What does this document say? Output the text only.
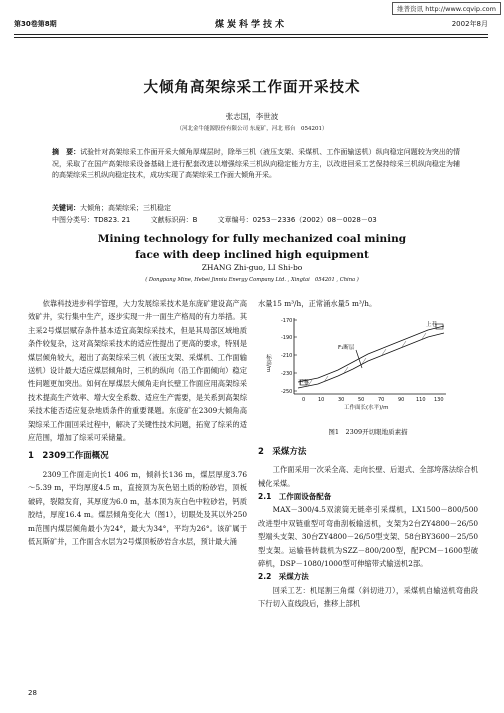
维普资讯 http://www.cqvip.com
第30卷第8期	煤炭科学技术	2002年8月
大倾角高架综采工作面开采技术
张志国，李世波
（河北金牛能源股份有限公司 东庞矿，河北 邢台　054201）
摘　要：试验针对高架综采工作面开采大倾角厚煤层时，除举三机（液压支架、采煤机、工作面输送机）纵向稳定问题较为突出的情况，采取了在国产高架综采设备基础上进行配套改进以增强综采三机纵向稳定能力方主，以改进回采工艺保持综采三机纵向稳定为辅的高架综采三机纵向稳定技术，成功实现了高架综采工作面大倾角开采。
关键词：大倾角；高架综采；三机稳定
中图分类号：TD823. 21	文献标识码：B	文章编号：0253－2336（2002）08－0028－03
Mining technology for fully mechanized coal mining
face with deep inclined high equipment
ZHANG Zhi-guo, LI Shi-bo
( Dongpang Mine, Hebei Jinniu Energy Company Ltd. , Xingtai　054201 , China )

依靠科技进步科学管理，大力发展综采技术是东庞矿建设高产高效矿井，实行集中生产，逐步实现一井一面生产格局的有力举措。其主采2号煤层赋存条件基本适宜高架综采技术，但是其局部区域地质条件较复杂，这对高架综采技术的适应性提出了更高的要求，特别是煤层倾角较大，超出了高架综采三机（液压支架、采煤机、工作面输送机）设计最大适应煤层倾角时，三机的纵向（沿工作面倾向）稳定性问题更加突出。如何在厚煤层大倾角走向长壁工作面应用高架综采技术提高生产效率、增大安全系数、适应生产需要，是关系到高架综采技术能否适应复杂地质条件的重要课题。东庞矿在2309大倾角高架综采工作面回采过程中，解决了关键性技术问题，拓宽了综采的适应范围，增加了综采可采储量。

1　2309工作面概况

2309工作面走向长1 406 m，倾斜长136 m，煤层厚度3.76～5.39 m，平均厚度4.5 m，直接顶为灰色铝土质的粉砂岩，顶板破碎，裂隙发育，其厚度为6.0 m，基本顶为灰白色中粒砂岩，钙质胶结，厚度16.4 m。煤层倾角变化大（图1），切眼处及其以外250 m范围内煤层倾角最小为24°，最大为34°，平均为26°。该矿属于低瓦斯矿井，工作面含水层为2号煤顶板砂岩含水层，预计最大涌

28

水量15 m³/h，正常涌水量5 m³/h。

-170
-190
-210
-230
-250
标高/m
0	10	30	50	70	90 110 130
工作面长(水平)/m
上巷
下巷
F₁断层
图1　2309开切眼地质素描
2　采煤方法

工作面采用一次采全高、走向长壁、后退式、全部垮落法综合机械化采煤。

2.1　工作面设备配备

MAX－300/4.5双滚筒无链牵引采煤机，LX1500－800/500改进型中双链重型可弯曲刮板输送机，支架为2台ZY4800－26/50型端头支架、30台ZY4800－26/50型支架、58台BY3600－25/50型支架。运输巷转载机为SZZ－800/200型，配PCM－1600型破碎机，DSP－1080/1000型可伸缩带式输送机2部。

2.2　采煤方法

回采工艺：机尾割三角煤（斜切进刀），采煤机自输送机弯曲段下行切入直线段后，推移上部机
